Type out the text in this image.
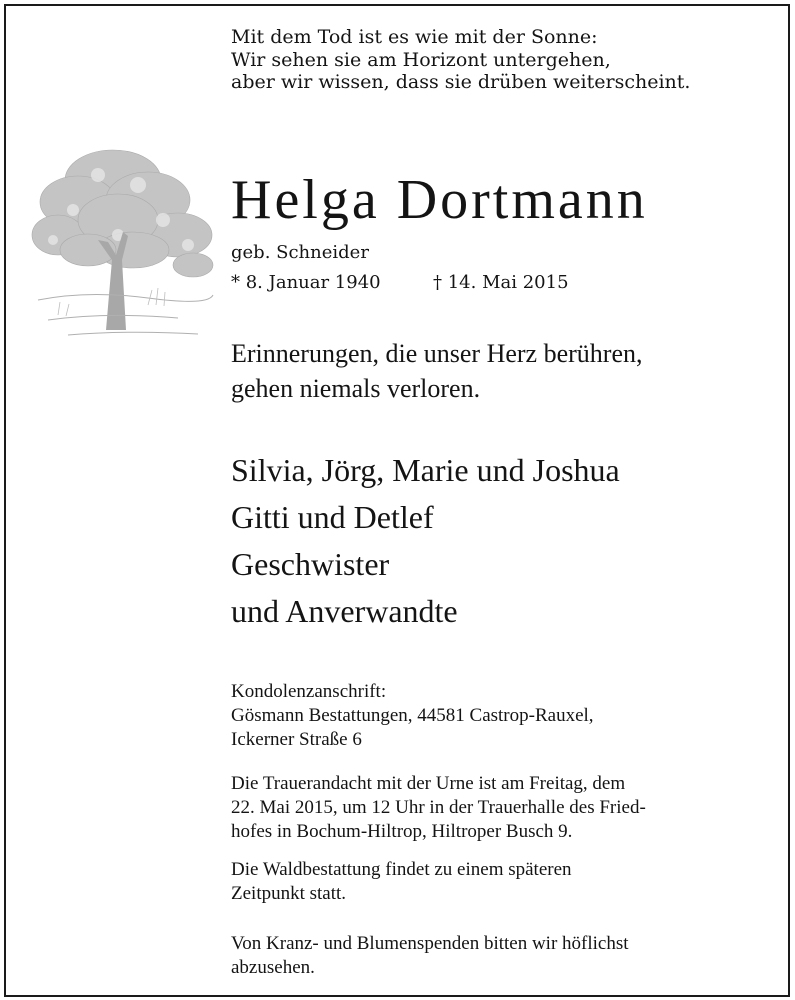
Mit dem Tod ist es wie mit der Sonne:
Wir sehen sie am Horizont untergehen,
aber wir wissen, dass sie drüben weiterscheint.
Helga Dortmann
geb. Schneider
* 8. Januar 1940	† 14. Mai 2015
Erinnerungen, die unser Herz berühren,
gehen niemals verloren.
Silvia, Jörg, Marie und Joshua
Gitti und Detlef
Geschwister
und Anverwandte
Kondolenzanschrift:
Gösmann Bestattungen, 44581 Castrop-Rauxel,
Ickerner Straße 6
Die Trauerandacht mit der Urne ist am Freitag, dem
22. Mai 2015, um 12 Uhr in der Trauerhalle des Fried-
hofes in Bochum-Hiltrop, Hiltroper Busch 9.
Die Waldbestattung findet zu einem späteren
Zeitpunkt statt.
Von Kranz- und Blumenspenden bitten wir höflichst
abzusehen.
